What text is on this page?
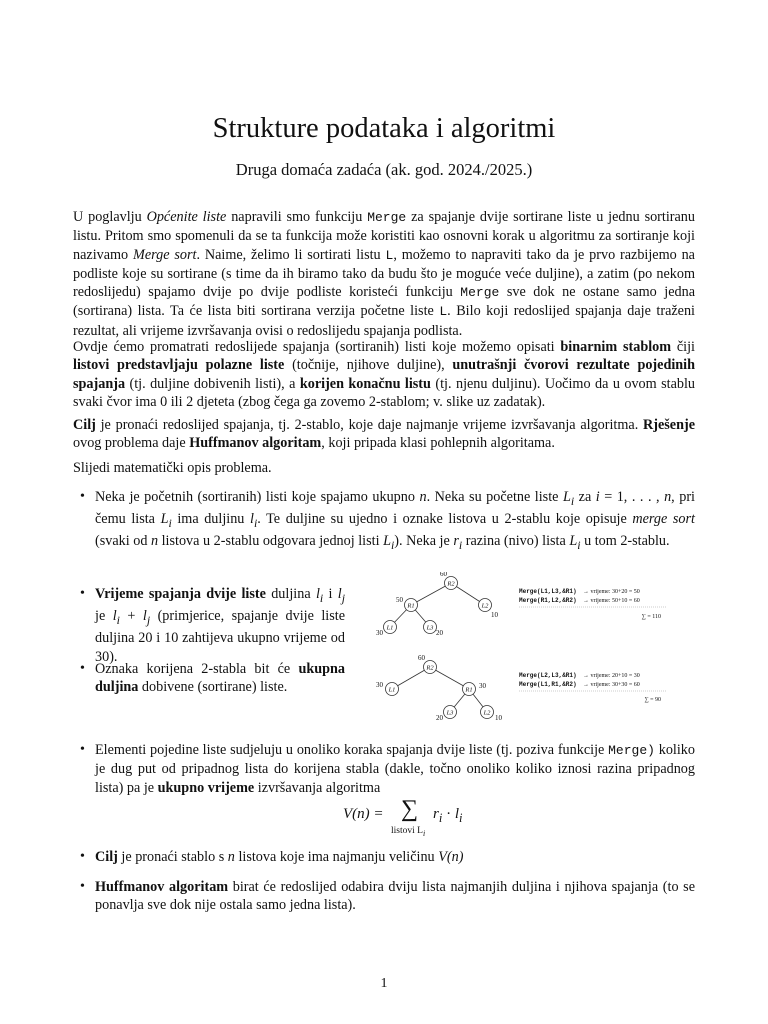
Strukture podataka i algoritmi
Druga domaća zadaća (ak. god. 2024./2025.)

U poglavlju Općenite liste napravili smo funkciju Merge za spajanje dvije sortirane liste u jednu sortiranu listu. Pritom smo spomenuli da se ta funkcija može koristiti kao osnovni korak u algoritmu za sortiranje koji nazivamo Merge sort. Naime, želimo li sortirati listu L, možemo to napraviti tako da je prvo razbijemo na podliste koje su sortirane (s time da ih biramo tako da budu što je moguće veće duljine), a zatim (po nekom redoslijedu) spajamo dvije po dvije podliste koristeći funkciju Merge sve dok ne ostane samo jedna (sortirana) lista. Ta će lista biti sortirana verzija početne liste L. Bilo koji redoslijed spajanja daje traženi rezultat, ali vrijeme izvršavanja ovisi o redoslijedu spajanja podlista.

Ovdje ćemo promatrati redoslijede spajanja (sortiranih) listi koje možemo opisati binarnim stablom čiji listovi predstavljaju polazne liste (točnije, njihove duljine), unutrašnji čvorovi rezultate pojedinih spajanja (tj. duljine dobivenih listi), a korijen konačnu listu (tj. njenu duljinu). Uočimo da u ovom stablu svaki čvor ima 0 ili 2 djeteta (zbog čega ga zovemo 2-stablom; v. slike uz zadatak).

Cilj je pronaći redoslijed spajanja, tj. 2-stablo, koje daje najmanje vrijeme izvršavanja algoritma. Rješenje ovog problema daje Huffmanov algoritam, koji pripada klasi pohlepnih algoritama.

Slijedi matematički opis problema.

• Neka je početnih (sortiranih) listi koje spajamo ukupno n. Neka su početne liste $L_i$ za i = 1, . . . , n, pri čemu lista $L_i$ ima duljinu $l_i$. Te duljine su ujedno i oznake listova u 2-stablu koje opisuje merge sort (svaki od n listova u 2-stablu odgovara jednoj listi $L_i$). Neka je $r_i$ razina (nivo) lista $L_i$ u tom 2-stablu.

• Vrijeme spajanja dvije liste duljina $l_i$ i $l_j$ je $l_i + l_j$ (primjerice, spajanje dvije liste duljina 20 i 10 zahtijeva ukupno vrijeme od 30).

• Oznaka korijena 2-stabla bit će ukupna duljina dobivene (sortirane) liste.

R2
R1	L2
L1	L3
60
50
10
30	20
Merge(L1,L3,&R1) → vrijeme: 30+20 = 50
Merge(R1,L2,&R2) → vrijeme: 50+10 = 60
∑ = 110
R2
L1	R1
L3	L2
60
30	30
20	10
Merge(L2,L3,&R1) → vrijeme: 20+10 = 30
Merge(L1,R1,&R2) → vrijeme: 30+30 = 60
∑ = 90

• Elementi pojedine liste sudjeluju u onoliko koraka spajanja dvije liste (tj. poziva funkcije Merge) koliko je dug put od pripadnog lista do korijena stabla (dakle, točno onoliko koliko iznosi razina pripadnog lista) pa je ukupno vrijeme izvršavanja algoritma

V(n) = ∑
listovi $L_i$
$r_i \cdot l_i$

• Cilj je pronaći stablo s n listova koje ima najmanju veličinu V(n)

• Huffmanov algoritam birat će redoslijed odabira dviju lista najmanjih duljina i njihova spajanja (to se ponavlja sve dok nije ostala samo jedna lista).

1
